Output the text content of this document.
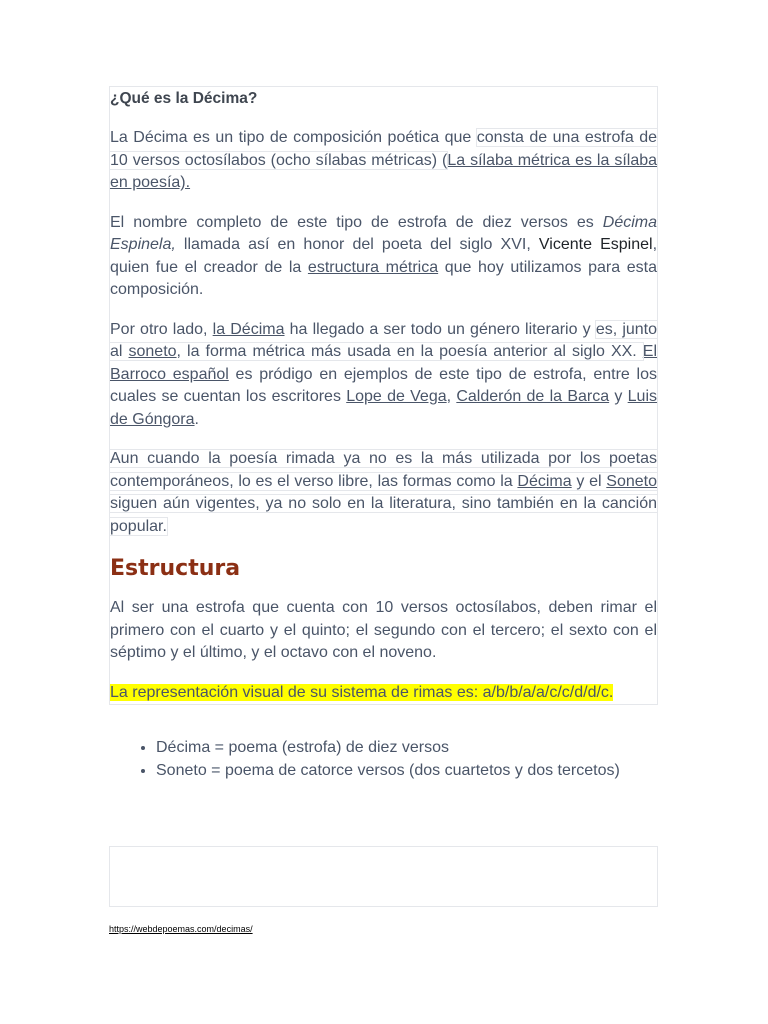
¿Qué es la Décima?

La Décima es un tipo de composición poética que consta de una estrofa de 10 versos octosílabos (ocho sílabas métricas) (La sílaba métrica es la sílaba en poesía).

El nombre completo de este tipo de estrofa de diez versos es Décima Espinela, llamada así en honor del poeta del siglo XVI, Vicente Espinel, quien fue el creador de la estructura métrica que hoy utilizamos para esta composición.

Por otro lado, la Décima ha llegado a ser todo un género literario y es, junto al soneto, la forma métrica más usada en la poesía anterior al siglo XX. El Barroco español es pródigo en ejemplos de este tipo de estrofa, entre los cuales se cuentan los escritores Lope de Vega, Calderón de la Barca y Luis de Góngora.

Aun cuando la poesía rimada ya no es la más utilizada por los poetas contemporáneos, lo es el verso libre, las formas como la Décima y el Soneto siguen aún vigentes, ya no solo en la literatura, sino también en la canción popular.

Estructura

Al ser una estrofa que cuenta con 10 versos octosílabos, deben rimar el primero con el cuarto y el quinto; el segundo con el tercero; el sexto con el séptimo y el último, y el octavo con el noveno.

La representación visual de su sistema de rimas es: a/b/b/a/a/c/c/d/d/c.

• Décima = poema (estrofa) de diez versos
• Soneto = poema de catorce versos (dos cuartetos y dos tercetos)
https://webdepoemas.com/decimas/
